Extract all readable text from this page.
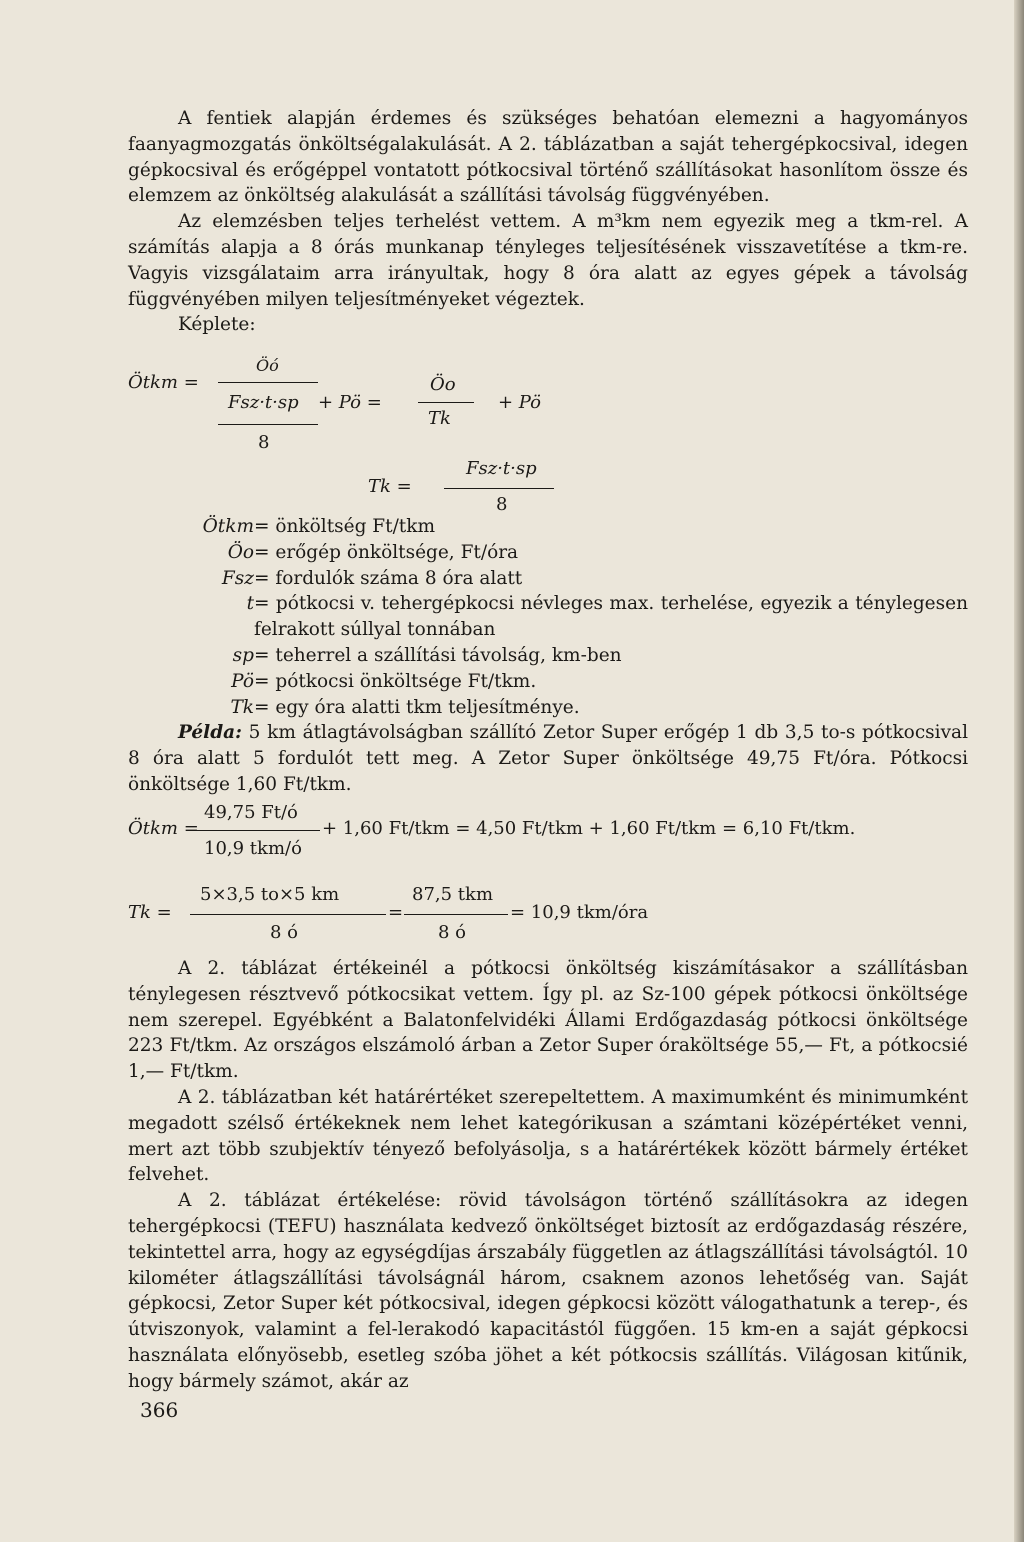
A fentiek alapján érdemes és szükséges behatóan elemezni a hagyományos faanyagmozgatás önköltségalakulását. A 2. táblázatban a saját tehergépkocsival, idegen gépkocsival és erőgéppel vontatott pótkocsival történő szállításokat hasonlítom össze és elemzem az önköltség alakulását a szállítási távolság függvényében.

Az elemzésben teljes terhelést vettem. A m³km nem egyezik meg a tkm-rel. A számítás alapja a 8 órás munkanap tényleges teljesítésének visszavetítése a tkm-re. Vagyis vizsgálataim arra irányultak, hogy 8 óra alatt az egyes gépek a távolság függvényében milyen teljesítményeket végeztek.

Képlete:

Ötkm =
Öó
Fsz·t·sp + Pö =
8
Öo
Tk
+ Pö
Tk =
Fsz·t·sp
8
Ötkm = önköltség Ft/tkm
Öo = erőgép önköltsége, Ft/óra
Fsz = fordulók száma 8 óra alatt
t = pótkocsi v. tehergépkocsi névleges max. terhelése, egyezik a ténylegesen felrakott súllyal tonnában
sp = teherrel a szállítási távolság, km-ben
Pö = pótkocsi önköltsége Ft/tkm.
Tk = egy óra alatti tkm teljesítménye.

Példa: 5 km átlagtávolságban szállító Zetor Super erőgép 1 db 3,5 to-s pótkocsival 8 óra alatt 5 fordulót tett meg. A Zetor Super önköltsége 49,75 Ft/óra. Pótkocsi önköltsége 1,60 Ft/tkm.

49,75 Ft/ó
Ötkm =	+ 1,60 Ft/tkm = 4,50 Ft/tkm + 1,60 Ft/tkm = 6,10 Ft/tkm.
10,9 tkm/ó
5×3,5 to×5 km	87,5 tkm
Tk =	=	= 10,9 tkm/óra
8 ó	8 ó

A 2. táblázat értékeinél a pótkocsi önköltség kiszámításakor a szállításban ténylegesen résztvevő pótkocsikat vettem. Így pl. az Sz-100 gépek pótkocsi önköltsége nem szerepel. Egyébként a Balatonfelvidéki Állami Erdőgazdaság pótkocsi önköltsége 223 Ft/tkm. Az országos elszámoló árban a Zetor Super óraköltsége 55,— Ft, a pótkocsié 1,— Ft/tkm.

A 2. táblázatban két határértéket szerepeltettem. A maximumként és minimumként megadott szélső értékeknek nem lehet kategórikusan a számtani középértéket venni, mert azt több szubjektív tényező befolyásolja, s a határértékek között bármely értéket felvehet.

A 2. táblázat értékelése: rövid távolságon történő szállításokra az idegen tehergépkocsi (TEFU) használata kedvező önköltséget biztosít az erdőgazdaság részére, tekintettel arra, hogy az egységdíjas árszabály független az átlagszállítási távolságtól. 10 kilométer átlagszállítási távolságnál három, csaknem azonos lehetőség van. Saját gépkocsi, Zetor Super két pótkocsival, idegen gépkocsi között válogathatunk a terep-, és útviszonyok, valamint a fel-lerakodó kapacitástól függően. 15 km-en a saját gépkocsi használata előnyösebb, esetleg szóba jöhet a két pótkocsis szállítás. Világosan kitűnik, hogy bármely számot, akár az

366
